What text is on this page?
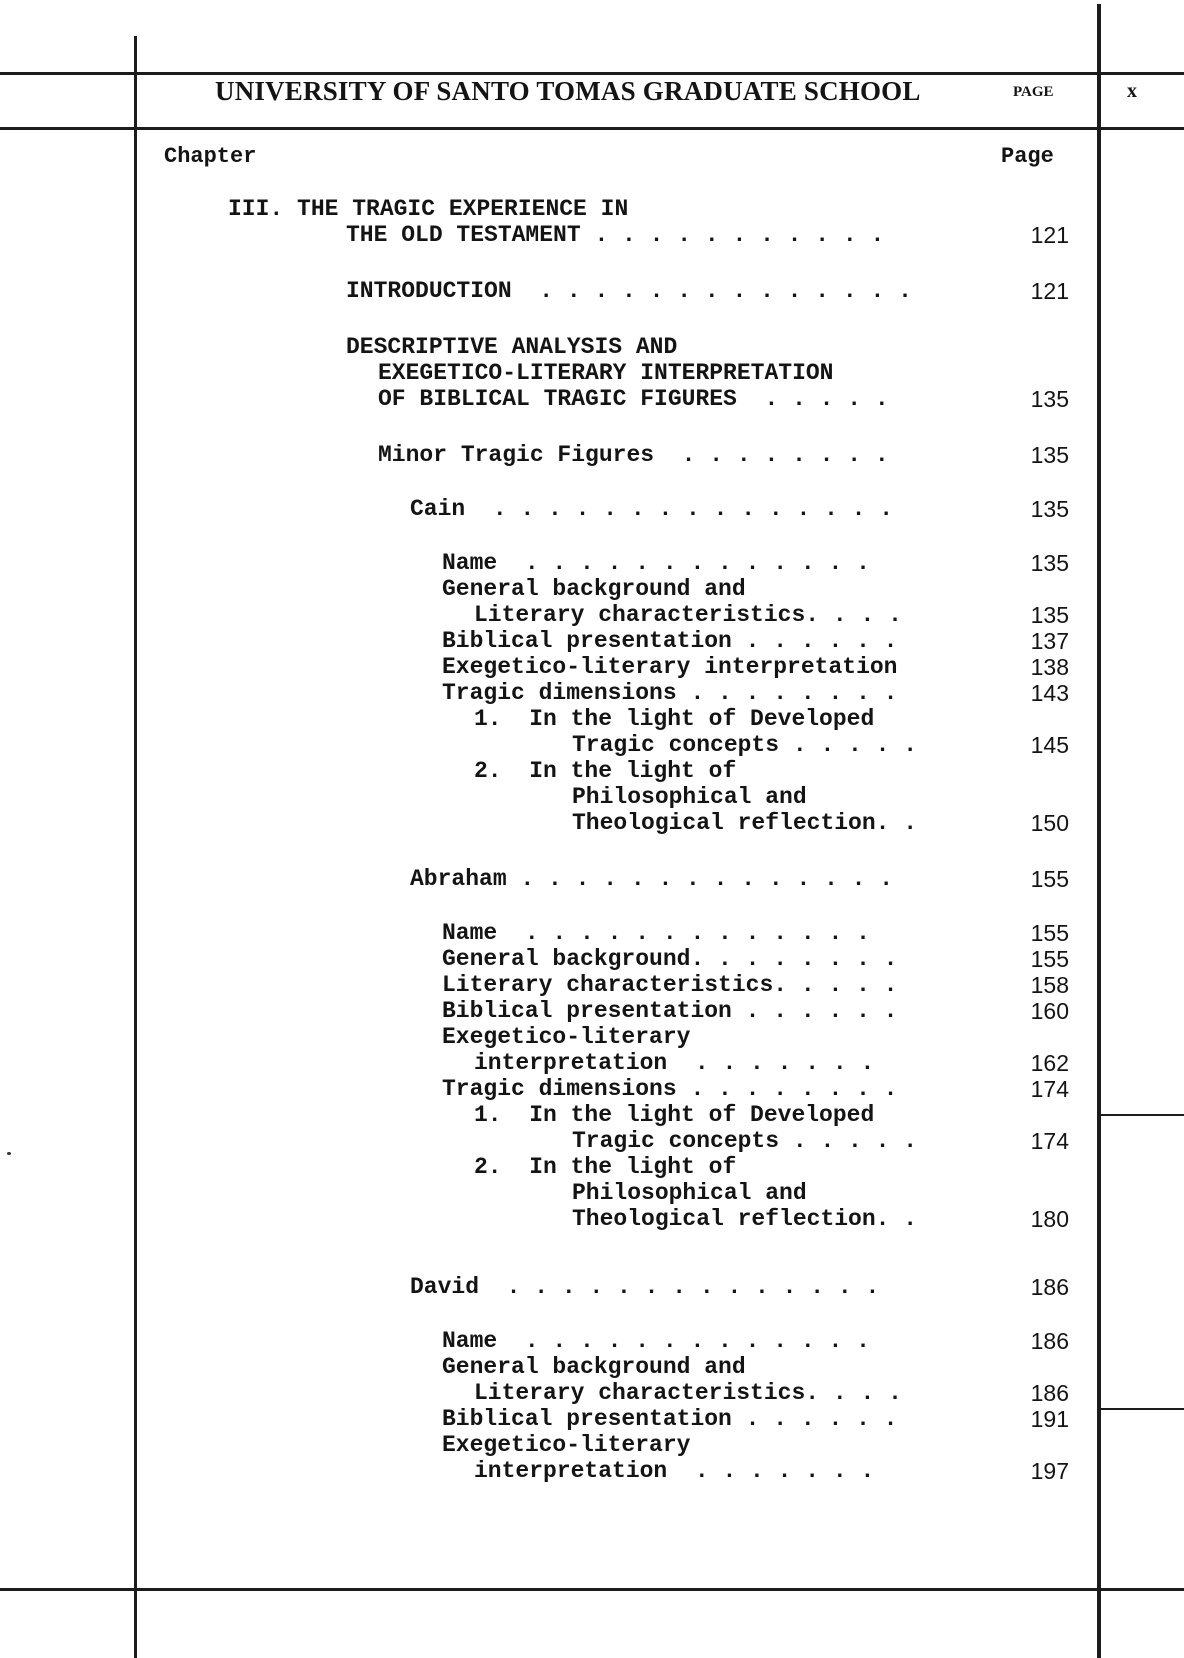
UNIVERSITY OF SANTO TOMAS GRADUATE SCHOOL	PAGE	x
Chapter	Page
III. THE TRAGIC EXPERIENCE IN
THE OLD TESTAMENT . . . . . . . . . . .	121
INTRODUCTION  . . . . . . . . . . . . . .	121
DESCRIPTIVE ANALYSIS AND
EXEGETICO-LITERARY INTERPRETATION
OF BIBLICAL TRAGIC FIGURES  . . . . .	135
Minor Tragic Figures  . . . . . . . .	135
Cain  . . . . . . . . . . . . . . .	135
Name  . . . . . . . . . . . . .	135
General background and
Literary characteristics. . . .	135
Biblical presentation . . . . . .	137
Exegetico-literary interpretation	138
Tragic dimensions . . . . . . . .	143
1.  In the light of Developed
Tragic concepts . . . . .	145
2.  In the light of
Philosophical and
Theological reflection. .	150
Abraham . . . . . . . . . . . . . .	155
Name  . . . . . . . . . . . . .	155
General background. . . . . . . .	155
Literary characteristics. . . . .	158
Biblical presentation . . . . . .	160
Exegetico-literary
interpretation  . . . . . . .	162
Tragic dimensions . . . . . . . .	174
1.  In the light of Developed
Tragic concepts . . . . .	174
2.  In the light of
Philosophical and
Theological reflection. .	180
David  . . . . . . . . . . . . . .	186
Name  . . . . . . . . . . . . .	186
General background and
Literary characteristics. . . .	186
Biblical presentation . . . . . .	191
Exegetico-literary
interpretation  . . . . . . .	197
